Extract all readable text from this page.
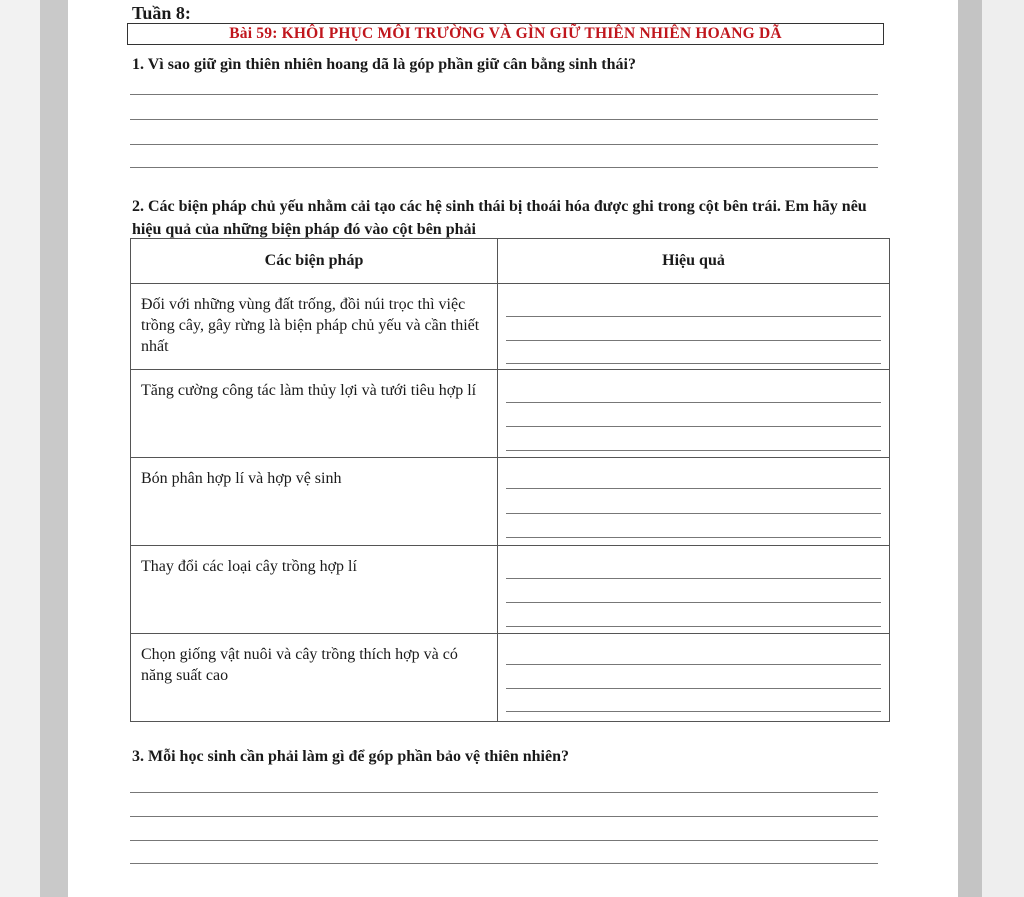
Tuần 8:
Bài 59: KHÔI PHỤC MÔI TRƯỜNG VÀ GÌN GIỮ THIÊN NHIÊN HOANG DÃ
1. Vì sao giữ gìn thiên nhiên hoang dã là góp phần giữ cân bằng sinh thái?
2. Các biện pháp chủ yếu nhằm cải tạo các hệ sinh thái bị thoái hóa được ghi trong cột bên trái. Em hãy nêu hiệu quả của những biện pháp đó vào cột bên phải
Các biện pháp	Hiệu quả
Đối với những vùng đất trống, đồi núi trọc thì việc trồng cây, gây rừng là biện pháp chủ yếu và cần thiết nhất	

Tăng cường công tác làm thủy lợi và tưới tiêu hợp lí	

Bón phân hợp lí và hợp vệ sinh	

Thay đổi các loại cây trồng hợp lí	

Chọn giống vật nuôi và cây trồng thích hợp và có năng suất cao	
3. Mỗi học sinh cần phải làm gì để góp phần bảo vệ thiên nhiên?
